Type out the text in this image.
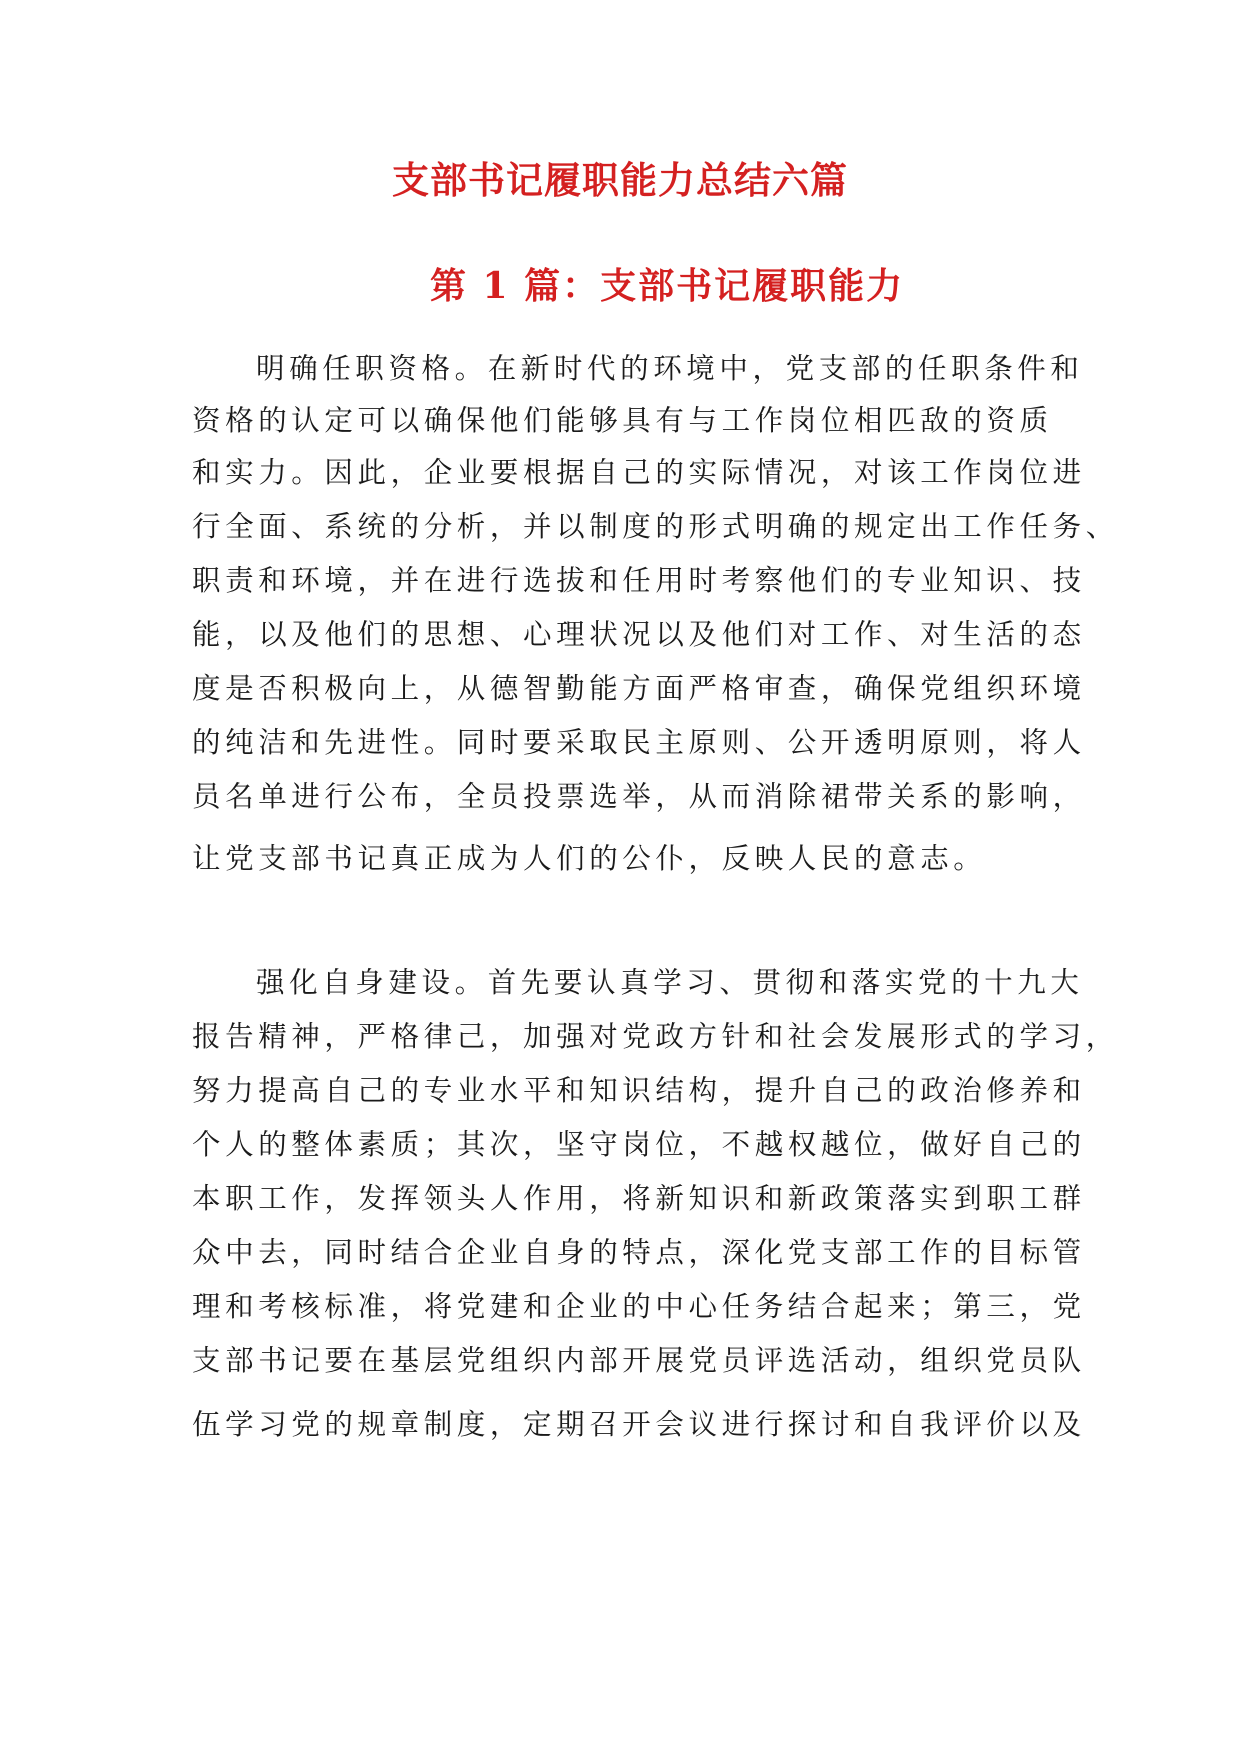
支部书记履职能力总结六篇
第 1 篇：支部书记履职能力

明确任职资格。在新时代的环境中，党支部的任职条件和

资格的认定可以确保他们能够具有与工作岗位相匹敌的资质

和实力。因此，企业要根据自己的实际情况，对该工作岗位进

行全面、系统的分析，并以制度的形式明确的规定出工作任务、

职责和环境，并在进行选拔和任用时考察他们的专业知识、技

能，以及他们的思想、心理状况以及他们对工作、对生活的态

度是否积极向上，从德智勤能方面严格审查，确保党组织环境

的纯洁和先进性。同时要采取民主原则、公开透明原则，将人

员名单进行公布，全员投票选举，从而消除裙带关系的影响，

让党支部书记真正成为人们的公仆，反映人民的意志。

强化自身建设。首先要认真学习、贯彻和落实党的十九大

报告精神，严格律己，加强对党政方针和社会发展形式的学习，

努力提高自己的专业水平和知识结构，提升自己的政治修养和

个人的整体素质；其次，坚守岗位，不越权越位，做好自己的

本职工作，发挥领头人作用，将新知识和新政策落实到职工群

众中去，同时结合企业自身的特点，深化党支部工作的目标管

理和考核标准，将党建和企业的中心任务结合起来；第三，党

支部书记要在基层党组织内部开展党员评选活动，组织党员队

伍学习党的规章制度，定期召开会议进行探讨和自我评价以及
